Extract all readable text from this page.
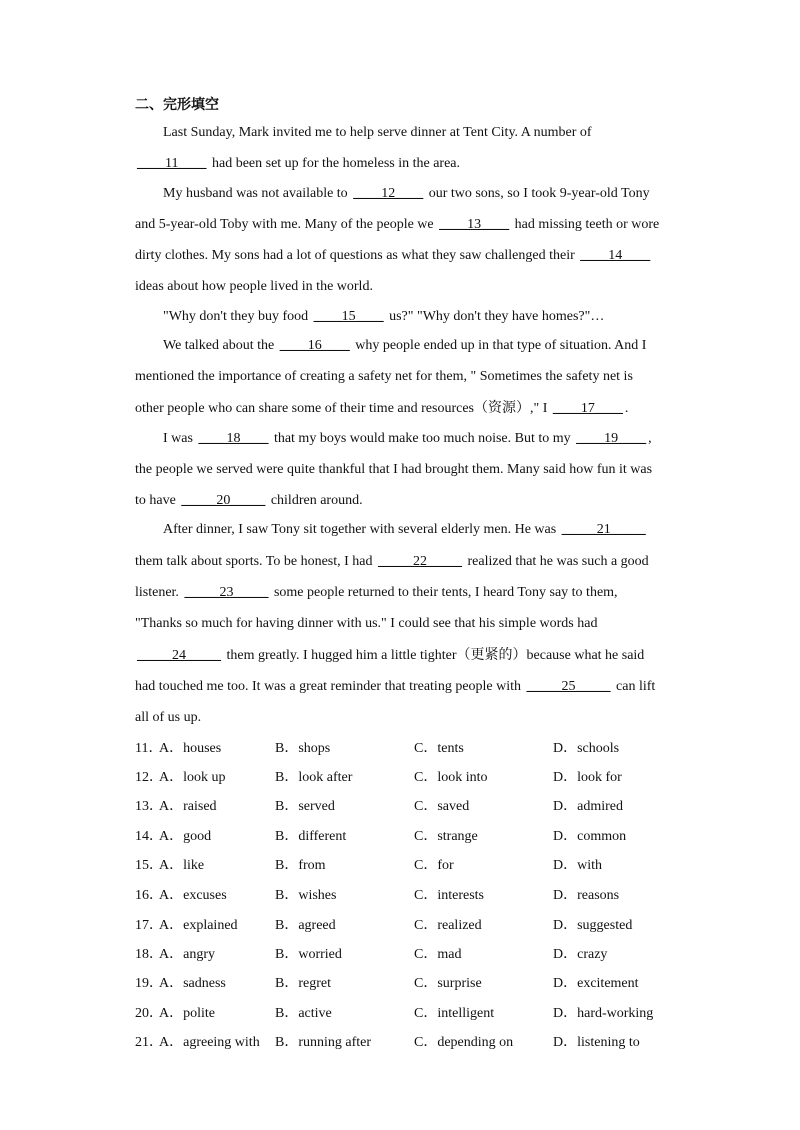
二、完形填空
Last Sunday, Mark invited me to help serve dinner at Tent City. A number of
____11____ had been set up for the homeless in the area.
My husband was not available to ____12____ our two sons, so I took 9-year-old Tony
and 5-year-old Toby with me. Many of the people we ____13____ had missing teeth or wore
dirty clothes. My sons had a lot of questions as what they saw challenged their ____14____
ideas about how people lived in the world.
"Why don't they buy food ____15____ us?" "Why don't they have homes?"…
We talked about the ____16____ why people ended up in that type of situation. And I
mentioned the importance of creating a safety net for them, " Sometimes the safety net is
other people who can share some of their time and resources（资源）," I ____17____ .
I was ____18____ that my boys would make too much noise. But to my ____19____ ,
the people we served were quite thankful that I had brought them. Many said how fun it was
to have _____20_____ children around.
After dinner, I saw Tony sit together with several elderly men. He was _____21_____
them talk about sports. To be honest, I had _____22_____ realized that he was such a good
listener. _____23_____ some people returned to their tents, I heard Tony say to them,
"Thanks so much for having dinner with us." I could see that his simple words had
_____24_____ them greatly. I hugged him a little tighter（更紧的）because what he said
had touched me too. It was a great reminder that treating people with _____25_____ can lift
all of us up.
11．
A．houses	B．shops	C．tents	D．schools
12．
A．look up	B．look after	C．look into	D．look for
13．
A．raised	B．served	C．saved	D．admired
14．
A．good	B．different	C．strange	D．common
15．
A．like	B．from	C．for	D．with
16．
A．excuses	B．wishes	C．interests	D．reasons
17．
A．explained	B．agreed	C．realized	D．suggested
18．
A．angry	B．worried	C．mad	D．crazy
19．
A．sadness	B．regret	C．surprise	D．excitement
20．
A．polite	B．active	C．intelligent	D．hard-working
21．
A．agreeing with B．running after	C．depending on	D．listening to
